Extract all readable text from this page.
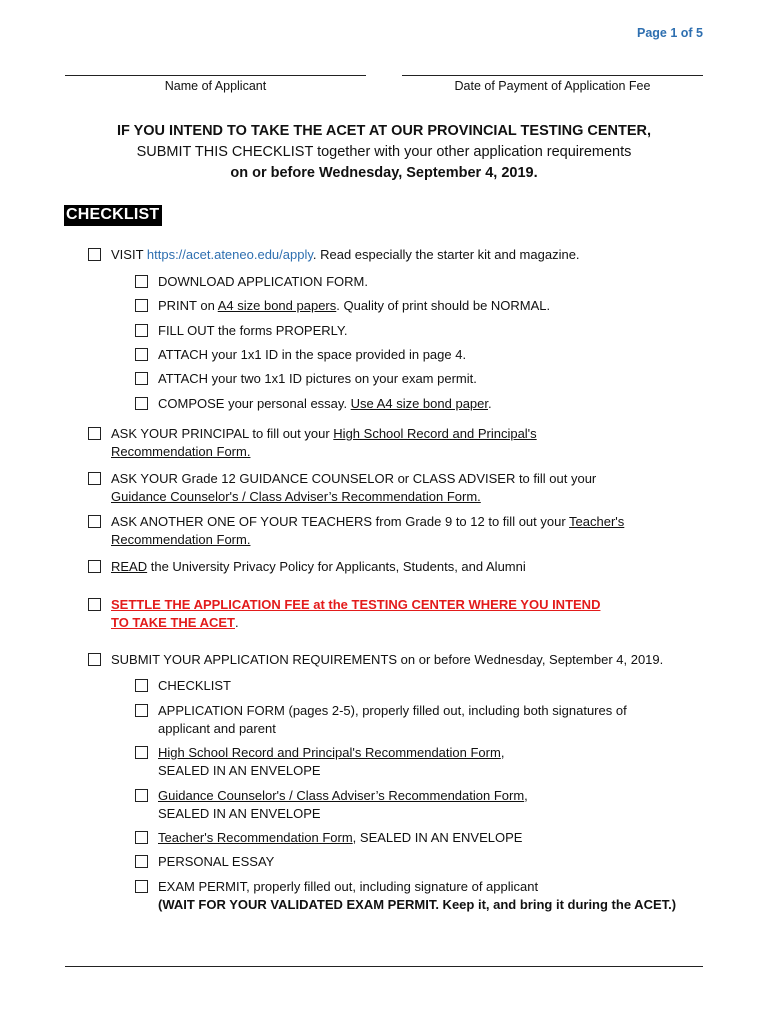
Page 1 of 5
Name of Applicant	Date of Payment of Application Fee
IF YOU INTEND TO TAKE THE ACET AT OUR PROVINCIAL TESTING CENTER,
SUBMIT THIS CHECKLIST together with your other application requirements
on or before Wednesday, September 4, 2019.
CHECKLIST
VISIT https://acet.ateneo.edu/apply. Read especially the starter kit and magazine.
DOWNLOAD APPLICATION FORM.
PRINT on A4 size bond papers. Quality of print should be NORMAL.
FILL OUT the forms PROPERLY.
ATTACH your 1x1 ID in the space provided in page 4.
ATTACH your two 1x1 ID pictures on your exam permit.
COMPOSE your personal essay. Use A4 size bond paper.
ASK YOUR PRINCIPAL to fill out your High School Record and Principal's
Recommendation Form.
ASK YOUR Grade 12 GUIDANCE COUNSELOR or CLASS ADVISER to fill out your
Guidance Counselor's / Class Adviser’s Recommendation Form.
ASK ANOTHER ONE OF YOUR TEACHERS from Grade 9 to 12 to fill out your Teacher's
Recommendation Form.
READ the University Privacy Policy for Applicants, Students, and Alumni
SETTLE THE APPLICATION FEE at the TESTING CENTER WHERE YOU INTEND
TO TAKE THE ACET.
SUBMIT YOUR APPLICATION REQUIREMENTS on or before Wednesday, September 4, 2019.
CHECKLIST
APPLICATION FORM (pages 2-5), properly filled out, including both signatures of
applicant and parent
High School Record and Principal's Recommendation Form,
SEALED IN AN ENVELOPE
Guidance Counselor's / Class Adviser’s Recommendation Form,
SEALED IN AN ENVELOPE
Teacher's Recommendation Form, SEALED IN AN ENVELOPE
PERSONAL ESSAY
EXAM PERMIT, properly filled out, including signature of applicant
(WAIT FOR YOUR VALIDATED EXAM PERMIT. Keep it, and bring it during the ACET.)
